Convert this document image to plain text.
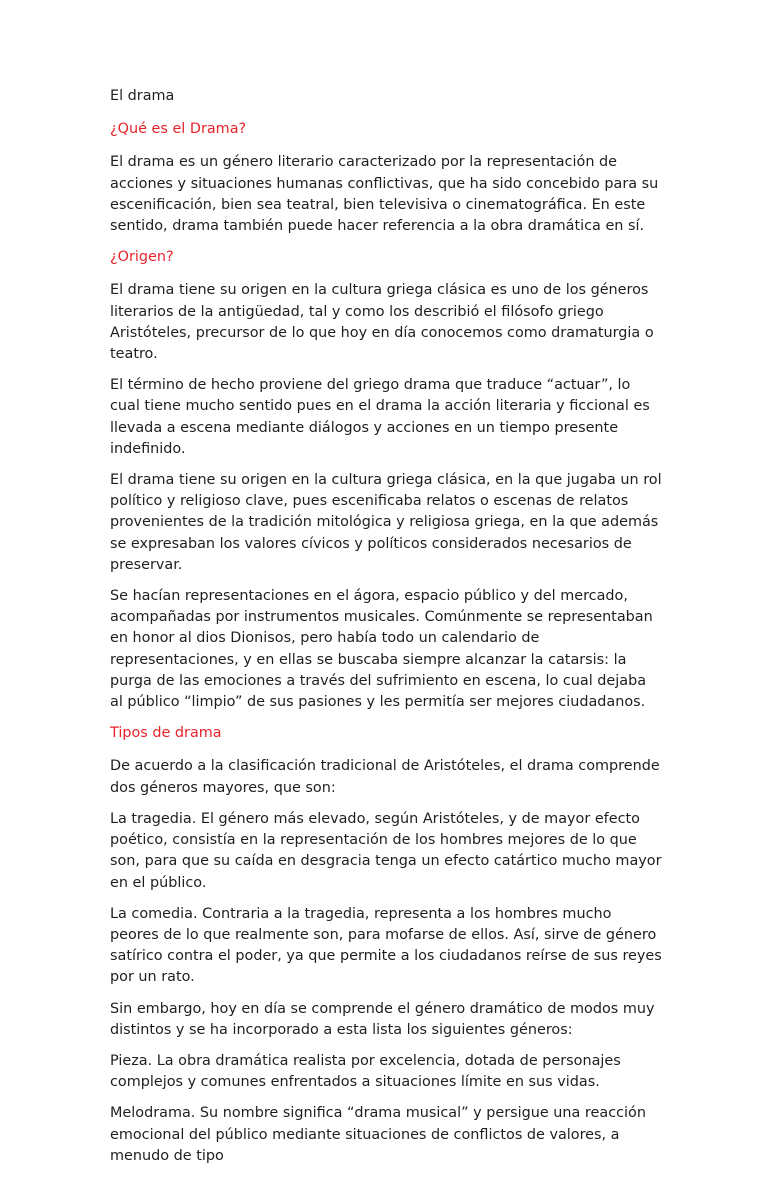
El drama

¿Qué es el Drama?

El drama es un género literario caracterizado por la representación de acciones y situaciones humanas conflictivas, que ha sido concebido para su escenificación, bien sea teatral, bien televisiva o cinematográfica. En este sentido, drama también puede hacer referencia a la obra dramática en sí.

¿Origen?

El drama tiene su origen en la cultura griega clásica es uno de los géneros literarios de la antigüedad, tal y como los describió el filósofo griego Aristóteles, precursor de lo que hoy en día conocemos como dramaturgia o teatro.

El término de hecho proviene del griego drama que traduce “actuar”, lo cual tiene mucho sentido pues en el drama la acción literaria y ficcional es llevada a escena mediante diálogos y acciones en un tiempo presente indefinido.

El drama tiene su origen en la cultura griega clásica, en la que jugaba un rol político y religioso clave, pues escenificaba relatos o escenas de relatos provenientes de la tradición mitológica y religiosa griega, en la que además se expresaban los valores cívicos y políticos considerados necesarios de preservar.

Se hacían representaciones en el ágora, espacio público y del mercado, acompañadas por instrumentos musicales. Comúnmente se representaban en honor al dios Dionisos, pero había todo un calendario de representaciones, y en ellas se buscaba siempre alcanzar la catarsis: la purga de las emociones a través del sufrimiento en escena, lo cual dejaba al público “limpio” de sus pasiones y les permitía ser mejores ciudadanos.

Tipos de drama

De acuerdo a la clasificación tradicional de Aristóteles, el drama comprende dos géneros mayores, que son:

La tragedia. El género más elevado, según Aristóteles, y de mayor efecto poético, consistía en la representación de los hombres mejores de lo que son, para que su caída en desgracia tenga un efecto catártico mucho mayor en el público.

La comedia. Contraria a la tragedia, representa a los hombres mucho peores de lo que realmente son, para mofarse de ellos. Así, sirve de género satírico contra el poder, ya que permite a los ciudadanos reírse de sus reyes por un rato.

Sin embargo, hoy en día se comprende el género dramático de modos muy distintos y se ha incorporado a esta lista los siguientes géneros:

Pieza. La obra dramática realista por excelencia, dotada de personajes complejos y comunes enfrentados a situaciones límite en sus vidas.

Melodrama. Su nombre significa “drama musical” y persigue una reacción emocional del público mediante situaciones de conflictos de valores, a menudo de tipo
